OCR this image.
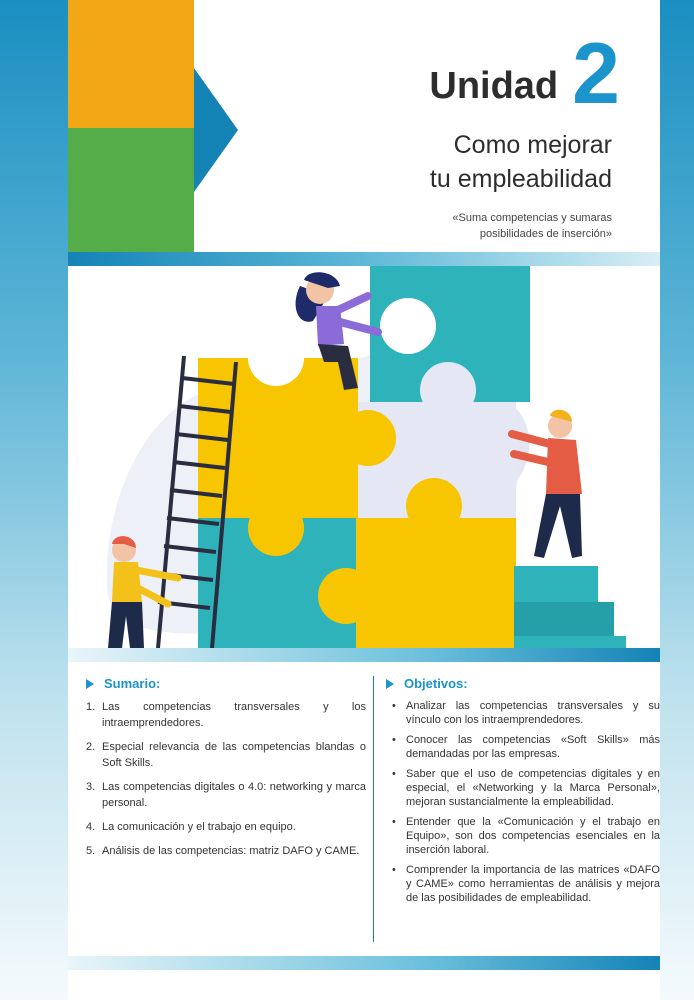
Unidad 2
Como mejorar
tu empleabilidad
«Suma competencias y sumaras
posibilidades de inserción»
Sumario:
1. Las competencias transversales y los intraemprendedores.
2. Especial relevancia de las competencias blandas o Soft Skills.
3. Las competencias digitales o 4.0: networking y marca personal.
4. La comunicación y el trabajo en equipo.
5. Análisis de las competencias: matriz DAFO y CAME.
Objetivos:
• Analizar las competencias transversales y su vínculo con los intraemprendedores.
• Conocer las competencias «Soft Skills» más demandadas por las empresas.
• Saber que el uso de competencias digitales y en especial, el «Networking y la Marca Personal», mejoran sustancialmente la empleabilidad.
• Entender que la «Comunicación y el trabajo en Equipo», son dos competencias esenciales en la inserción laboral.
• Comprender la importancia de las matrices «DAFO y CAME» como herramientas de análisis y mejora de las posibilidades de empleabilidad.
